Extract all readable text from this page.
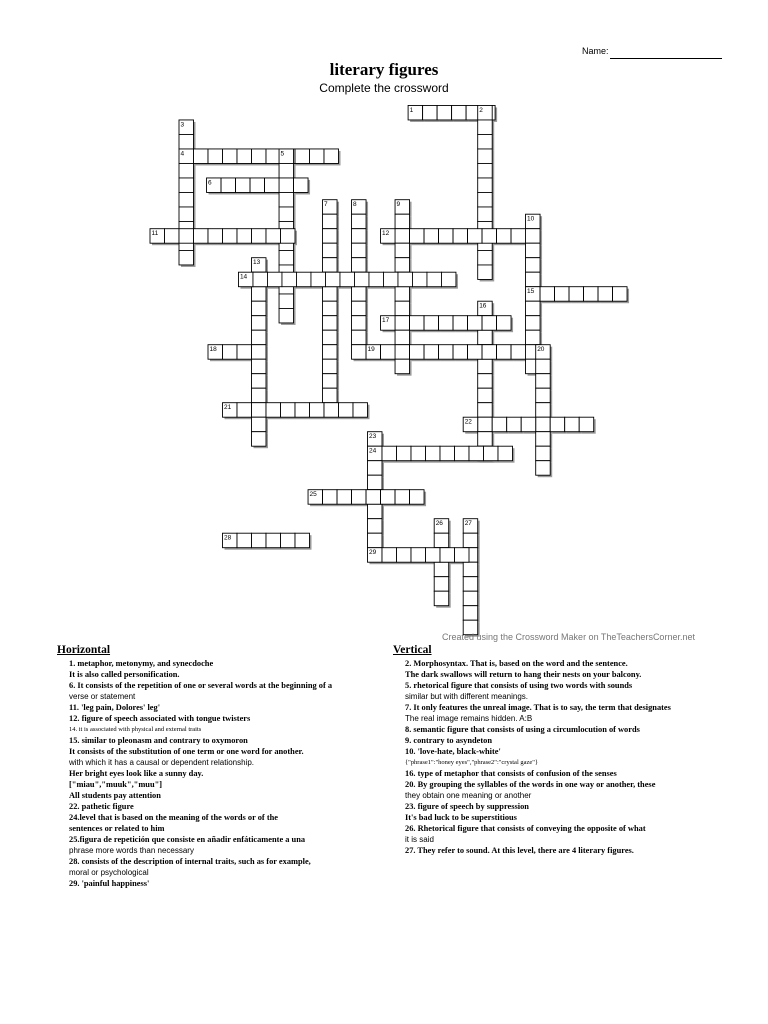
Name:
literary figures
Complete the crossword
1	2
3
4	5
6
7	8	9
10
11	12
13
14
15
16
17
18	19	20
21
22
23
24
25
26	27
28
29
Created using the Crossword Maker on TheTeachersCorner.net
Horizontal
1. metaphor, metonymy, and synecdoche
It is also called personification.
6. It consists of the repetition of one or several words at the beginning of a
verse or statement
11. 'leg pain, Dolores' leg'
12. figure of speech associated with tongue twisters
14. it is associated with physical and external traits
15. similar to pleonasm and contrary to oxymoron
It consists of the substitution of one term or one word for another.
with which it has a causal or dependent relationship.
Her bright eyes look like a sunny day.
["miau","muuk","muu"]
All students pay attention
22. pathetic figure
24.level that is based on the meaning of the words or of the
sentences or related to him
25.figura de repetición que consiste en añadir enfáticamente a una
phrase more words than necessary
28. consists of the description of internal traits, such as for example,
moral or psychological
29. 'painful happiness'
Vertical
2. Morphosyntax. That is, based on the word and the sentence.
The dark swallows will return to hang their nests on your balcony.
5. rhetorical figure that consists of using two words with sounds
similar but with different meanings.
7. It only features the unreal image. That is to say, the term that designates
The real image remains hidden. A:B
8. semantic figure that consists of using a circumlocution of words
9. contrary to asyndeton
10. 'love-hate, black-white'
{"phrase1":"honey eyes","phrase2":"crystal gaze"}
16. type of metaphor that consists of confusion of the senses
20. By grouping the syllables of the words in one way or another, these
they obtain one meaning or another
23. figure of speech by suppression
It's bad luck to be superstitious
26. Rhetorical figure that consists of conveying the opposite of what
it is said
27. They refer to sound. At this level, there are 4 literary figures.
